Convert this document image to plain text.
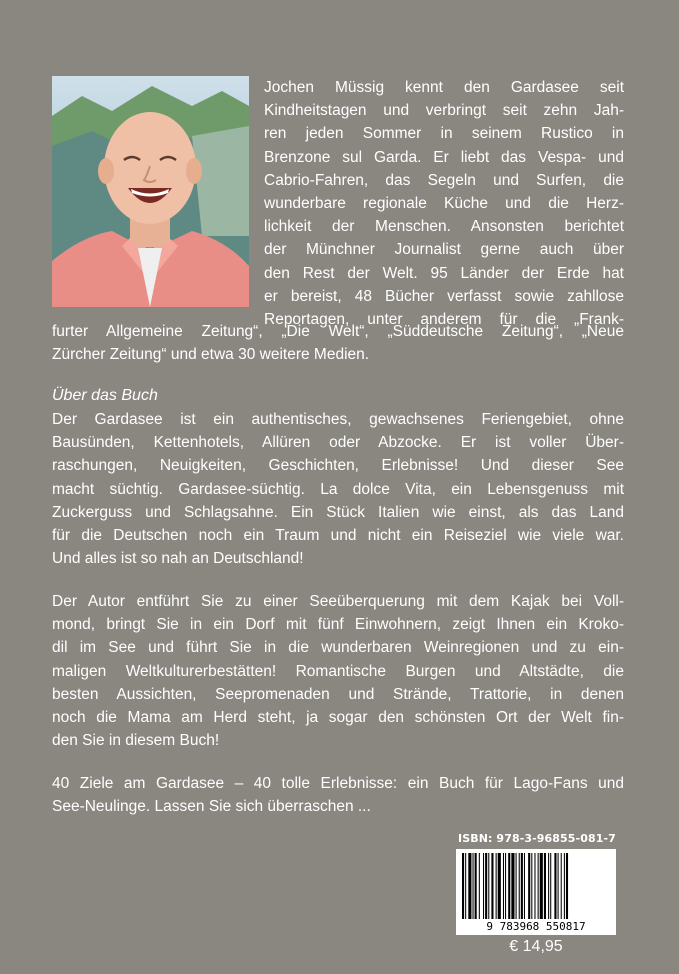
Jochen Müssig kennt den Gardasee seit
Kindheitstagen und verbringt seit zehn Jah-
ren jeden Sommer in seinem Rustico in
Brenzone sul Garda. Er liebt das Vespa- und
Cabrio-Fahren, das Segeln und Surfen, die
wunderbare regionale Küche und die Herz-
lichkeit der Menschen. Ansonsten berichtet
der Münchner Journalist gerne auch über
den Rest der Welt. 95 Länder der Erde hat
er bereist, 48 Bücher verfasst sowie zahllose
Reportagen, unter anderem für die „Frank-
furter Allgemeine Zeitung“, „Die Welt“, „Süddeutsche Zeitung“, „Neue
Zürcher Zeitung“ und etwa 30 weitere Medien.
Über das Buch
Der Gardasee ist ein authentisches, gewachsenes Feriengebiet, ohne
Bausünden, Kettenhotels, Allüren oder Abzocke. Er ist voller Über-
raschungen, Neuigkeiten, Geschichten, Erlebnisse! Und dieser See
macht süchtig. Gardasee-süchtig. La dolce Vita, ein Lebensgenuss mit
Zuckerguss und Schlagsahne. Ein Stück Italien wie einst, als das Land
für die Deutschen noch ein Traum und nicht ein Reiseziel wie viele war.
Und alles ist so nah an Deutschland!
Der Autor entführt Sie zu einer Seeüberquerung mit dem Kajak bei Voll-
mond, bringt Sie in ein Dorf mit fünf Einwohnern, zeigt Ihnen ein Kroko-
dil im See und führt Sie in die wunderbaren Weinregionen und zu ein-
maligen Weltkulturerbestätten! Romantische Burgen und Altstädte, die
besten Aussichten, Seepromenaden und Strände, Trattorie, in denen
noch die Mama am Herd steht, ja sogar den schönsten Ort der Welt fin-
den Sie in diesem Buch!
40 Ziele am Gardasee – 40 tolle Erlebnisse: ein Buch für Lago-Fans und
See-Neulinge. Lassen Sie sich überraschen ...
ISBN: 978-3-96855-081-7
9 783968 550817
€ 14,95
